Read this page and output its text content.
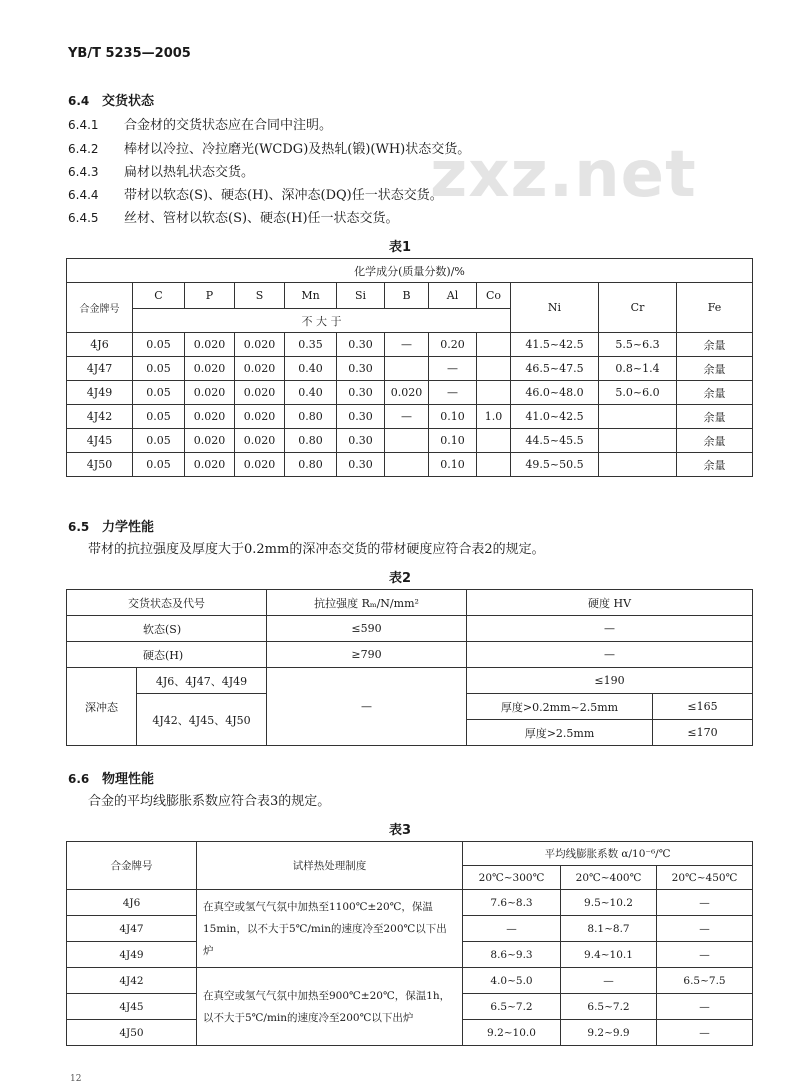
YB/T 5235—2005
zxz.net
6.4 交货状态
6.4.1 合金材的交货状态应在合同中注明。
6.4.2 棒材以冷拉、冷拉磨光(WCDG)及热轧(锻)(WH)状态交货。
6.4.3 扁材以热轧状态交货。
6.4.4 带材以软态(S)、硬态(H)、深冲态(DQ)任一状态交货。
6.4.5 丝材、管材以软态(S)、硬态(H)任一状态交货。
表1
化学成分(质量分数)/%											
合金牌号	C	P	S	Mn	Si	B	Al	Co	Ni	Cr	Fe
	不 大 于										
4J6	0.05	0.020	0.020	0.35	0.30	—	0.20		41.5~42.5	5.5~6.3	余量
4J47	0.05	0.020	0.020	0.40	0.30		—		46.5~47.5	0.8~1.4	余量
4J49	0.05	0.020	0.020	0.40	0.30	0.020	—		46.0~48.0	5.0~6.0	余量
4J42	0.05	0.020	0.020	0.80	0.30	—	0.10	1.0	41.0~42.5		余量
4J45	0.05	0.020	0.020	0.80	0.30		0.10		44.5~45.5		余量
4J50	0.05	0.020	0.020	0.80	0.30		0.10		49.5~50.5		余量
6.5 力学性能
带材的抗拉强度及厚度大于0.2mm的深冲态交货的带材硬度应符合表2的规定。
表2
交货状态及代号		抗拉强度 Rₘ/N/mm²	硬度 HV	
软态(S)		≤590	—	
硬态(H)		≥790	—	
深冲态	4J6、4J47、4J49	—	≤190	
	4J42、4J45、4J50		厚度>0.2mm~2.5mm	≤165
			厚度>2.5mm	≤170
6.6 物理性能
合金的平均线膨胀系数应符合表3的规定。
表3
合金牌号	试样热处理制度	平均线膨胀系数 α/10⁻⁶/℃		
		20℃~300℃	20℃~400℃	20℃~450℃
4J6	在真空或氢气气氛中加热至1100℃±20℃，保温15min，以不大于5℃/min的速度冷至200℃以下出炉	7.6~8.3	9.5~10.2	—
4J47		—	8.1~8.7	—
4J49		8.6~9.3	9.4~10.1	—
4J42	在真空或氢气气氛中加热至900℃±20℃，保温1h，以不大于5℃/min的速度冷至200℃以下出炉	4.0~5.0	—	6.5~7.5
4J45		6.5~7.2	6.5~7.2	—
4J50		9.2~10.0	9.2~9.9	—
12
